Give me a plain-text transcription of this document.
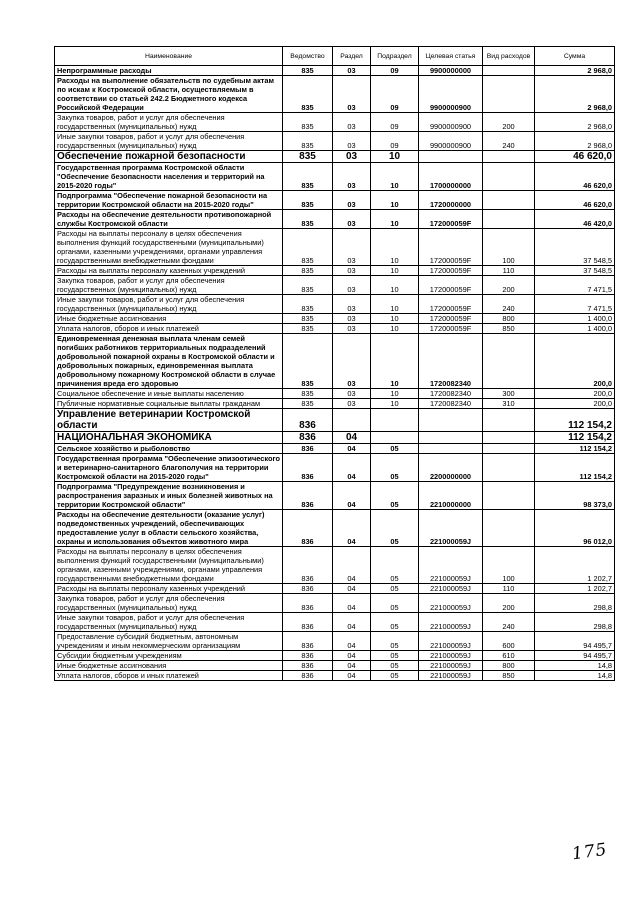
Наименование	Ведомство	Раздел	Подраздел	Целевая статья	Вид расходов	Сумма
Непрограммные расходы	835	03	09	9900000000		2 968,0
Расходы на выполнение обязательств по судебным актам по искам к Костромской области, осуществляемым в соответствии со статьей 242.2 Бюджетного кодекса Российской Федерации	835	03	09	9900000900		2 968,0
Закупка товаров, работ и услуг для обеспечения государственных (муниципальных) нужд	835	03	09	9900000900	200	2 968,0
Иные закупки товаров, работ и услуг для обеспечения государственных (муниципальных) нужд	835	03	09	9900000900	240	2 968,0
Обеспечение пожарной безопасности	835	03	10			46 620,0
Государственная программа Костромской области "Обеспечение безопасности населения и территорий на 2015-2020 годы"	835	03	10	1700000000		46 620,0
Подпрограмма "Обеспечение пожарной безопасности на территории Костромской области на 2015-2020 годы"	835	03	10	1720000000		46 620,0
Расходы на обеспечение деятельности противопожарной службы Костромской области	835	03	10	172000059F		46 420,0
Расходы на выплаты персоналу в целях обеспечения выполнения функций государственными (муниципальными) органами, казенными учреждениями, органами управления государственными внебюджетными фондами	835	03	10	172000059F	100	37 548,5
Расходы на выплаты персоналу казенных учреждений	835	03	10	172000059F	110	37 548,5
Закупка товаров, работ и услуг для обеспечения государственных (муниципальных) нужд	835	03	10	172000059F	200	7 471,5
Иные закупки товаров, работ и услуг для обеспечения государственных (муниципальных) нужд	835	03	10	172000059F	240	7 471,5
Иные бюджетные ассигнования	835	03	10	172000059F	800	1 400,0
Уплата налогов, сборов и иных платежей	835	03	10	172000059F	850	1 400,0
Единовременная денежная выплата членам семей погибших работников территориальных подразделений добровольной пожарной охраны в Костромской области и добровольных пожарных, единовременная выплата добровольному пожарному Костромской области в случае причинения вреда его здоровью	835	03	10	1720082340		200,0
Социальное обеспечение и иные выплаты населению	835	03	10	1720082340	300	200,0
Публичные нормативные социальные выплаты гражданам	835	03	10	1720082340	310	200,0
Управление ветеринарии Костромской области	836					112 154,2
НАЦИОНАЛЬНАЯ ЭКОНОМИКА	836	04				112 154,2
Сельское хозяйство и рыболовство	836	04	05			112 154,2
Государственная программа "Обеспечение эпизоотического и ветеринарно-санитарного благополучия на территории Костромской области на 2015-2020 годы"	836	04	05	2200000000		112 154,2
Подпрограмма "Предупреждение возникновения и распространения заразных и иных болезней животных на территории Костромской области"	836	04	05	2210000000		98 373,0
Расходы на обеспечение деятельности (оказание услуг) подведомственных учреждений, обеспечивающих предоставление услуг в области сельского хозяйства, охраны и использования объектов животного мира	836	04	05	221000059J		96 012,0
Расходы на выплаты персоналу в целях обеспечения выполнения функций государственными (муниципальными) органами, казенными учреждениями, органами управления государственными внебюджетными фондами	836	04	05	221000059J	100	1 202,7
Расходы на выплаты персоналу казенных учреждений	836	04	05	221000059J	110	1 202,7
Закупка товаров, работ и услуг для обеспечения государственных (муниципальных) нужд	836	04	05	221000059J	200	298,8
Иные закупки товаров, работ и услуг для обеспечения государственных (муниципальных) нужд	836	04	05	221000059J	240	298,8
Предоставление субсидий бюджетным, автономным учреждениям и иным некоммерческим организациям	836	04	05	221000059J	600	94 495,7
Субсидии бюджетным учреждениям	836	04	05	221000059J	610	94 495,7
Иные бюджетные ассигнования	836	04	05	221000059J	800	14,8
Уплата налогов, сборов и иных платежей	836	04	05	221000059J	850	14,8
175
